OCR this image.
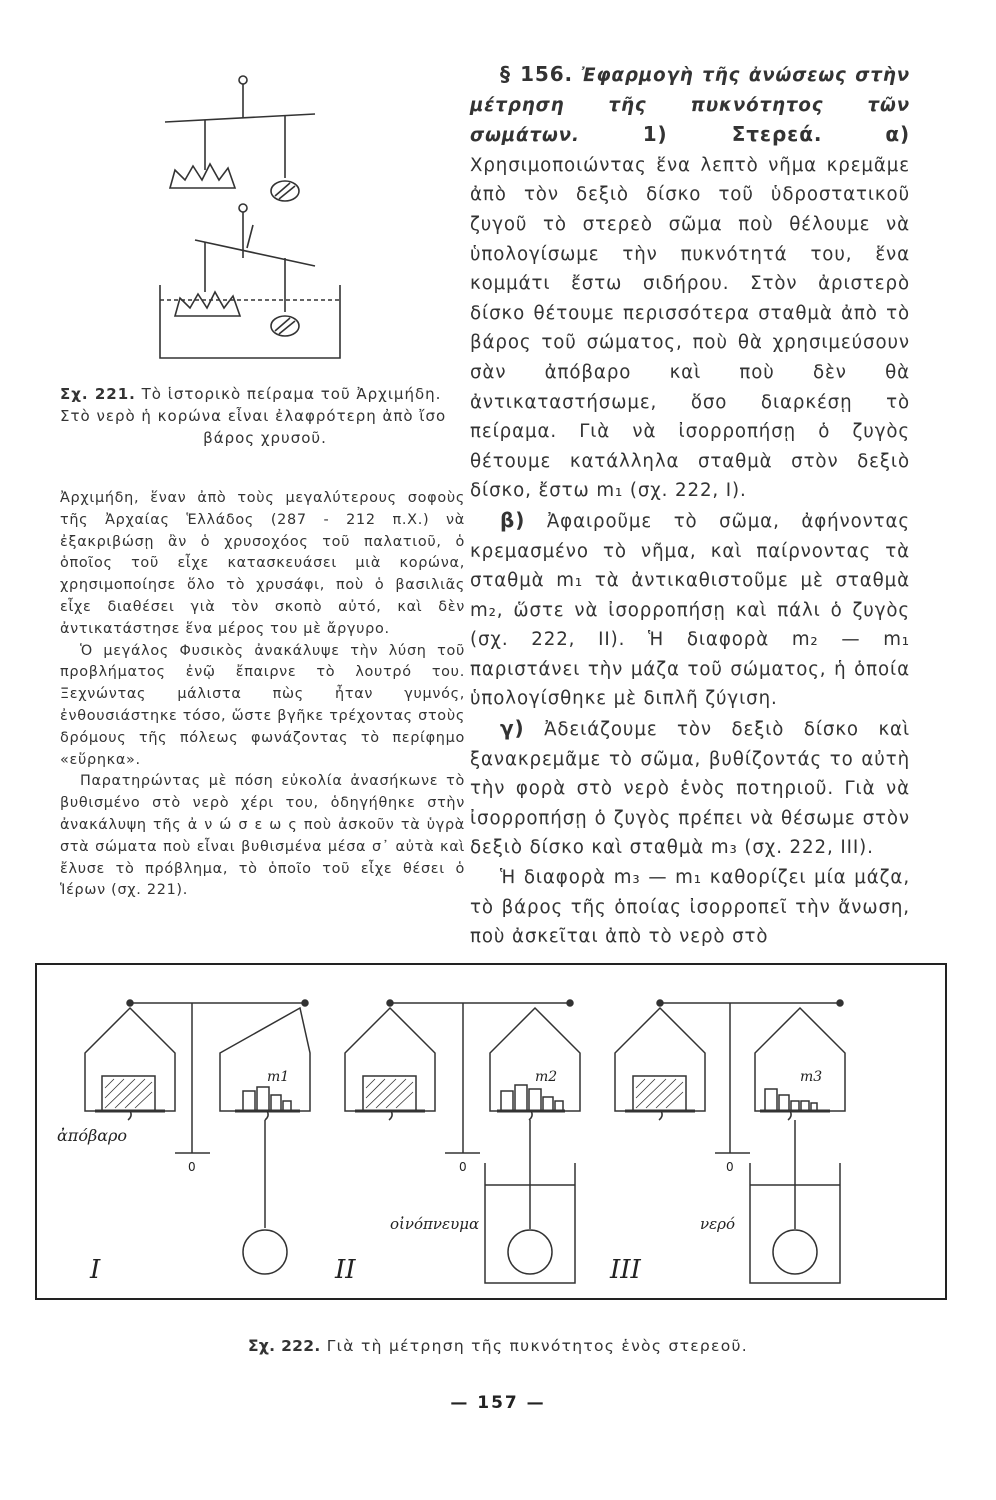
Σχ. 221. Τὸ ἱστορικὸ πείραμα τοῦ Ἀρχιμήδη.
Στὸ νερὸ ἡ κορώνα εἶναι ἐλαφρότερη ἀπὸ ἴσο
βάρος χρυσοῦ.

Ἀρχιμήδη, ἕναν ἀπὸ τοὺς μεγαλύτερους σοφοὺς τῆς Ἀρχαίας Ἑλλάδος (287 - 212 π.Χ.) νὰ ἐξακριβώσῃ ἂν ὁ χρυσοχόος τοῦ παλατιοῦ, ὁ ὁποῖος τοῦ εἶχε κατασκευάσει μιὰ κορώνα, χρησιμοποίησε ὅλο τὸ χρυσάφι, ποὺ ὁ βασιλιᾶς εἶχε διαθέσει γιὰ τὸν σκοπὸ αὐτό, καὶ δὲν ἀντικατάστησε ἕνα μέρος του μὲ ἄργυρο.

Ὁ μεγάλος Φυσικὸς ἀνακάλυψε τὴν λύση τοῦ προβλήματος ἐνῷ ἔπαιρνε τὸ λουτρό του. Ξεχνώντας μάλιστα πὼς ἦταν γυμνός, ἐνθουσιάστηκε τόσο, ὥστε βγῆκε τρέχοντας στοὺς δρόμους τῆς πόλεως φωνάζοντας τὸ περίφημο «εὕρηκα».

Παρατηρώντας μὲ πόση εὐκολία ἀνασήκωνε τὸ βυθισμένο στὸ νερὸ χέρι του, ὁδηγήθηκε στὴν ἀνακάλυψη τῆς ἀ ν ώ σ ε ω ς ποὺ ἀσκοῦν τὰ ὑγρὰ στὰ σώματα ποὺ εἶναι βυθισμένα μέσα σ᾽ αὐτὰ καὶ ἔλυσε τὸ πρόβλημα, τὸ ὁποῖο τοῦ εἶχε θέσει ὁ Ἱέρων (σχ. 221).

§ 156. Ἐφαρμογὴ τῆς ἀνώσεως στὴν μέτρηση τῆς πυκνότητος τῶν σωμάτων.	1) Στερεά.	α) Χρησιμοποιώντας ἕνα λεπτὸ νῆμα κρεμᾶμε ἀπὸ τὸν δεξιὸ δίσκο τοῦ ὑδροστατικοῦ ζυγοῦ τὸ στερεὸ σῶμα ποὺ θέλουμε νὰ ὑπολογίσωμε τὴν πυκνότητά του, ἕνα κομμάτι ἔστω σιδήρου. Στὸν ἀριστερὸ δίσκο θέτουμε περισσότερα σταθμὰ ἀπὸ τὸ βάρος τοῦ σώματος, ποὺ θὰ χρησιμεύσουν σὰν ἀπόβαρο καὶ ποὺ δὲν θὰ ἀντικαταστήσωμε, ὅσο διαρκέσῃ τὸ πείραμα. Γιὰ νὰ ἰσορροπήσῃ ὁ ζυγὸς θέτουμε κατάλληλα σταθμὰ στὸν δεξιὸ δίσκο, ἔστω m₁ (σχ. 222, I).

β) Ἀφαιροῦμε τὸ σῶμα, ἀφήνοντας κρεμασμένο τὸ νῆμα, καὶ παίρνοντας τὰ σταθμὰ m₁ τὰ ἀντικαθιστοῦμε μὲ σταθμὰ m₂, ὥστε νὰ ἰσορροπήσῃ καὶ πάλι ὁ ζυγὸς (σχ. 222, II). Ἡ διαφορὰ m₂ — m₁ παριστάνει τὴν μάζα τοῦ σώματος, ἡ ὁποία ὑπολογίσθηκε μὲ διπλῆ ζύγιση.

γ) Ἀδειάζουμε τὸν δεξιὸ δίσκο καὶ ξανακρεμᾶμε τὸ σῶμα, βυθίζοντάς το αὐτὴ τὴν φορὰ στὸ νερὸ ἑνὸς ποτηριοῦ. Γιὰ νὰ ἰσορροπήσῃ ὁ ζυγὸς πρέπει νὰ θέσωμε στὸν δεξιὸ δίσκο καὶ σταθμὰ m₃ (σχ. 222, III).

Ἡ διαφορὰ m₃ — m₁ καθορίζει μία μάζα, τὸ βάρος τῆς ὁποίας ἰσορροπεῖ τὴν ἄνωση, ποὺ ἀσκεῖται ἀπὸ τὸ νερὸ στὸ

ἀπόβαρο
m1	m2	m3
οἰνόπνευμα	νερό
I	II	III
0	0	0
Σχ. 222. Γιὰ τὴ μέτρηση τῆς πυκνότητος ἑνὸς στερεοῦ.
— 157 —
